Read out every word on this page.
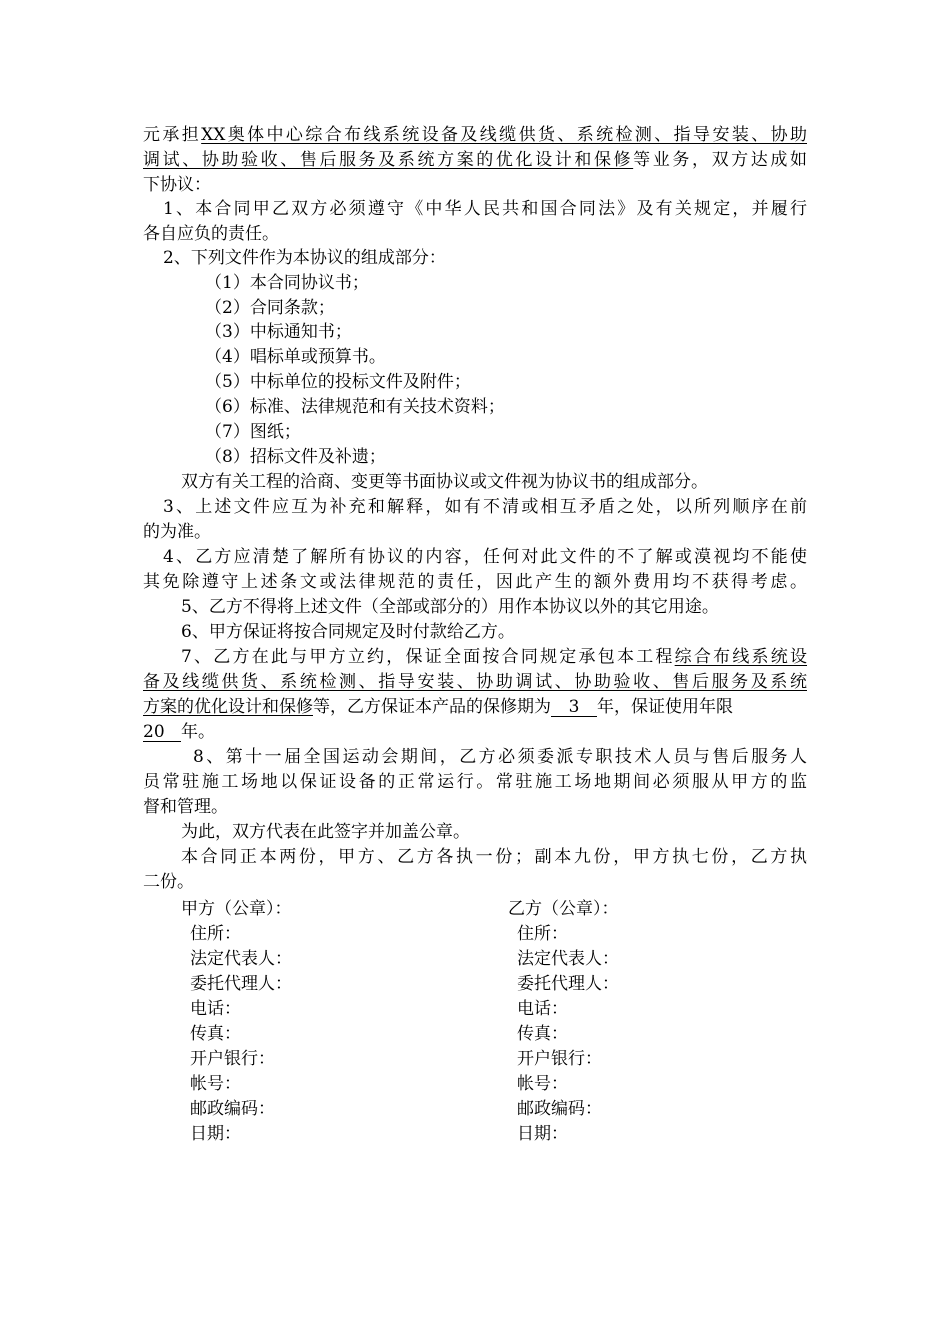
元承担XX奥体中心综合布线系统设备及线缆供货、系统检测、指导安装、协助
调试、协助验收、售后服务及系统方案的优化设计和保修等业务，双方达成如
下协议：
1、本合同甲乙双方必须遵守《中华人民共和国合同法》及有关规定，并履行
各自应负的责任。
2、下列文件作为本协议的组成部分：
（1）本合同协议书；
（2）合同条款；
（3）中标通知书；
（4）唱标单或预算书。
（5）中标单位的投标文件及附件；
（6）标准、法律规范和有关技术资料；
（7）图纸；
（8）招标文件及补遗；
双方有关工程的洽商、变更等书面协议或文件视为协议书的组成部分。
3、上述文件应互为补充和解释，如有不清或相互矛盾之处，以所列顺序在前
的为准。
4、乙方应清楚了解所有协议的内容，任何对此文件的不了解或漠视均不能使
其免除遵守上述条文或法律规范的责任，因此产生的额外费用均不获得考虑。
5、乙方不得将上述文件（全部或部分的）用作本协议以外的其它用途。
6、甲方保证将按合同规定及时付款给乙方。
7、乙方在此与甲方立约，保证全面按合同规定承包本工程综合布线系统设
备及线缆供货、系统检测、指导安装、协助调试、协助验收、售后服务及系统
方案的优化设计和保修等，乙方保证本产品的保修期为 3 年，保证使用年限
20 年。
8、第十一届全国运动会期间，乙方必须委派专职技术人员与售后服务人
员常驻施工场地以保证设备的正常运行。常驻施工场地期间必须服从甲方的监
督和管理。
为此，双方代表在此签字并加盖公章。
本合同正本两份，甲方、乙方各执一份；副本九份，甲方执七份，乙方执
二份。
甲方（公章）：
住所：
法定代表人：
委托代理人：
电话：
传真：
开户银行：
帐号：
邮政编码：
日期：
乙方（公章）：
住所：
法定代表人：
委托代理人：
电话：
传真：
开户银行：
帐号：
邮政编码：
日期：
